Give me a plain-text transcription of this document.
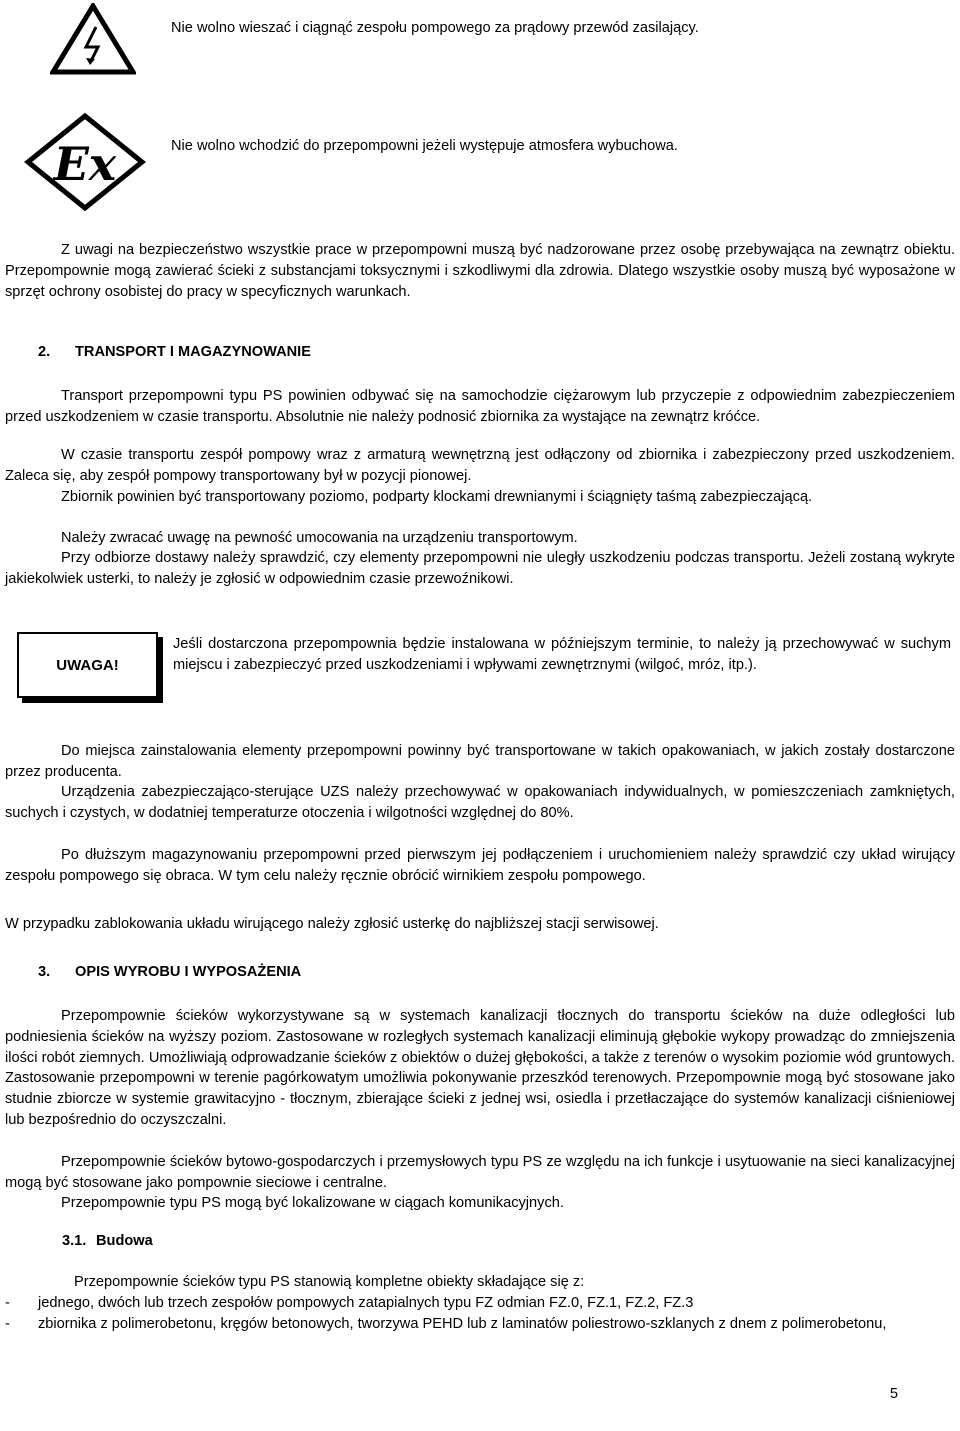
Nie wolno wieszać i ciągnąć zespołu pompowego za prądowy przewód zasilający.
Ex	Nie wolno wchodzić do przepompowni jeżeli występuje atmosfera wybuchowa.
Z uwagi na bezpieczeństwo wszystkie prace w przepompowni muszą być nadzorowane przez osobę przebywająca na zewnątrz obiektu. Przepompownie mogą zawierać ścieki z substancjami toksycznymi i szkodliwymi dla zdrowia. Dlatego wszystkie osoby muszą być wyposażone w sprzęt ochrony osobistej do pracy w specyficznych warunkach.
2. TRANSPORT I MAGAZYNOWANIE
Transport przepompowni typu PS powinien odbywać się na samochodzie ciężarowym lub przyczepie z odpowiednim zabezpieczeniem przed uszkodzeniem w czasie transportu. Absolutnie nie należy podnosić zbiornika za wystające na zewnątrz króćce.
W czasie transportu zespół pompowy wraz z armaturą wewnętrzną jest odłączony od zbiornika i zabezpieczony przed uszkodzeniem. Zaleca się, aby zespół pompowy transportowany był w pozycji pionowej.
Zbiornik powinien być transportowany poziomo, podparty klockami drewnianymi i ściągnięty taśmą zabezpieczającą.
Należy zwracać uwagę na pewność umocowania na urządzeniu transportowym.
Przy odbiorze dostawy należy sprawdzić, czy elementy przepompowni nie uległy uszkodzeniu podczas transportu. Jeżeli zostaną wykryte jakiekolwiek usterki, to należy je zgłosić w odpowiednim czasie przewoźnikowi.
UWAGA!
Jeśli dostarczona przepompownia będzie instalowana w późniejszym terminie, to należy ją przechowywać w suchym miejscu i zabezpieczyć przed uszkodzeniami i wpływami zewnętrznymi (wilgoć, mróz, itp.).
Do miejsca zainstalowania elementy przepompowni powinny być transportowane w takich opakowaniach, w jakich zostały dostarczone przez producenta.
Urządzenia zabezpieczająco-sterujące UZS należy przechowywać w opakowaniach indywidualnych, w pomieszczeniach zamkniętych, suchych i czystych, w dodatniej temperaturze otoczenia i wilgotności względnej do 80%.
Po dłuższym magazynowaniu przepompowni przed pierwszym jej podłączeniem i uruchomieniem należy sprawdzić czy układ wirujący zespołu pompowego się obraca. W tym celu należy ręcznie obrócić wirnikiem zespołu pompowego.
W przypadku zablokowania układu wirującego należy zgłosić usterkę do najbliższej stacji serwisowej.
3. OPIS WYROBU I WYPOSAŻENIA
Przepompownie ścieków wykorzystywane są w systemach kanalizacji tłocznych do transportu ścieków na duże odległości lub podniesienia ścieków na wyższy poziom. Zastosowane w rozległych systemach kanalizacji eliminują głębokie wykopy prowadząc do zmniejszenia ilości robót ziemnych. Umożliwiają odprowadzanie ścieków z obiektów o dużej głębokości, a także z terenów o wysokim poziomie wód gruntowych. Zastosowanie przepompowni w terenie pagórkowatym umożliwia pokonywanie przeszkód terenowych. Przepompownie mogą być stosowane jako studnie zbiorcze w systemie grawitacyjno - tłocznym, zbierające ścieki z jednej wsi, osiedla i przetłaczające do systemów kanalizacji ciśnieniowej lub bezpośrednio do oczyszczalni.
Przepompownie ścieków bytowo-gospodarczych i przemysłowych typu PS ze względu na ich funkcje i usytuowanie na sieci kanalizacyjnej mogą być stosowane jako pompownie sieciowe i centralne.
Przepompownie typu PS mogą być lokalizowane w ciągach komunikacyjnych.
3.1. Budowa
Przepompownie ścieków typu PS stanowią kompletne obiekty składające się z:
- jednego, dwóch lub trzech zespołów pompowych zatapialnych typu FZ odmian FZ.0, FZ.1, FZ.2, FZ.3
- zbiornika z polimerobetonu, kręgów betonowych, tworzywa PEHD lub z laminatów poliestrowo-szklanych z dnem z polimerobetonu,
5
